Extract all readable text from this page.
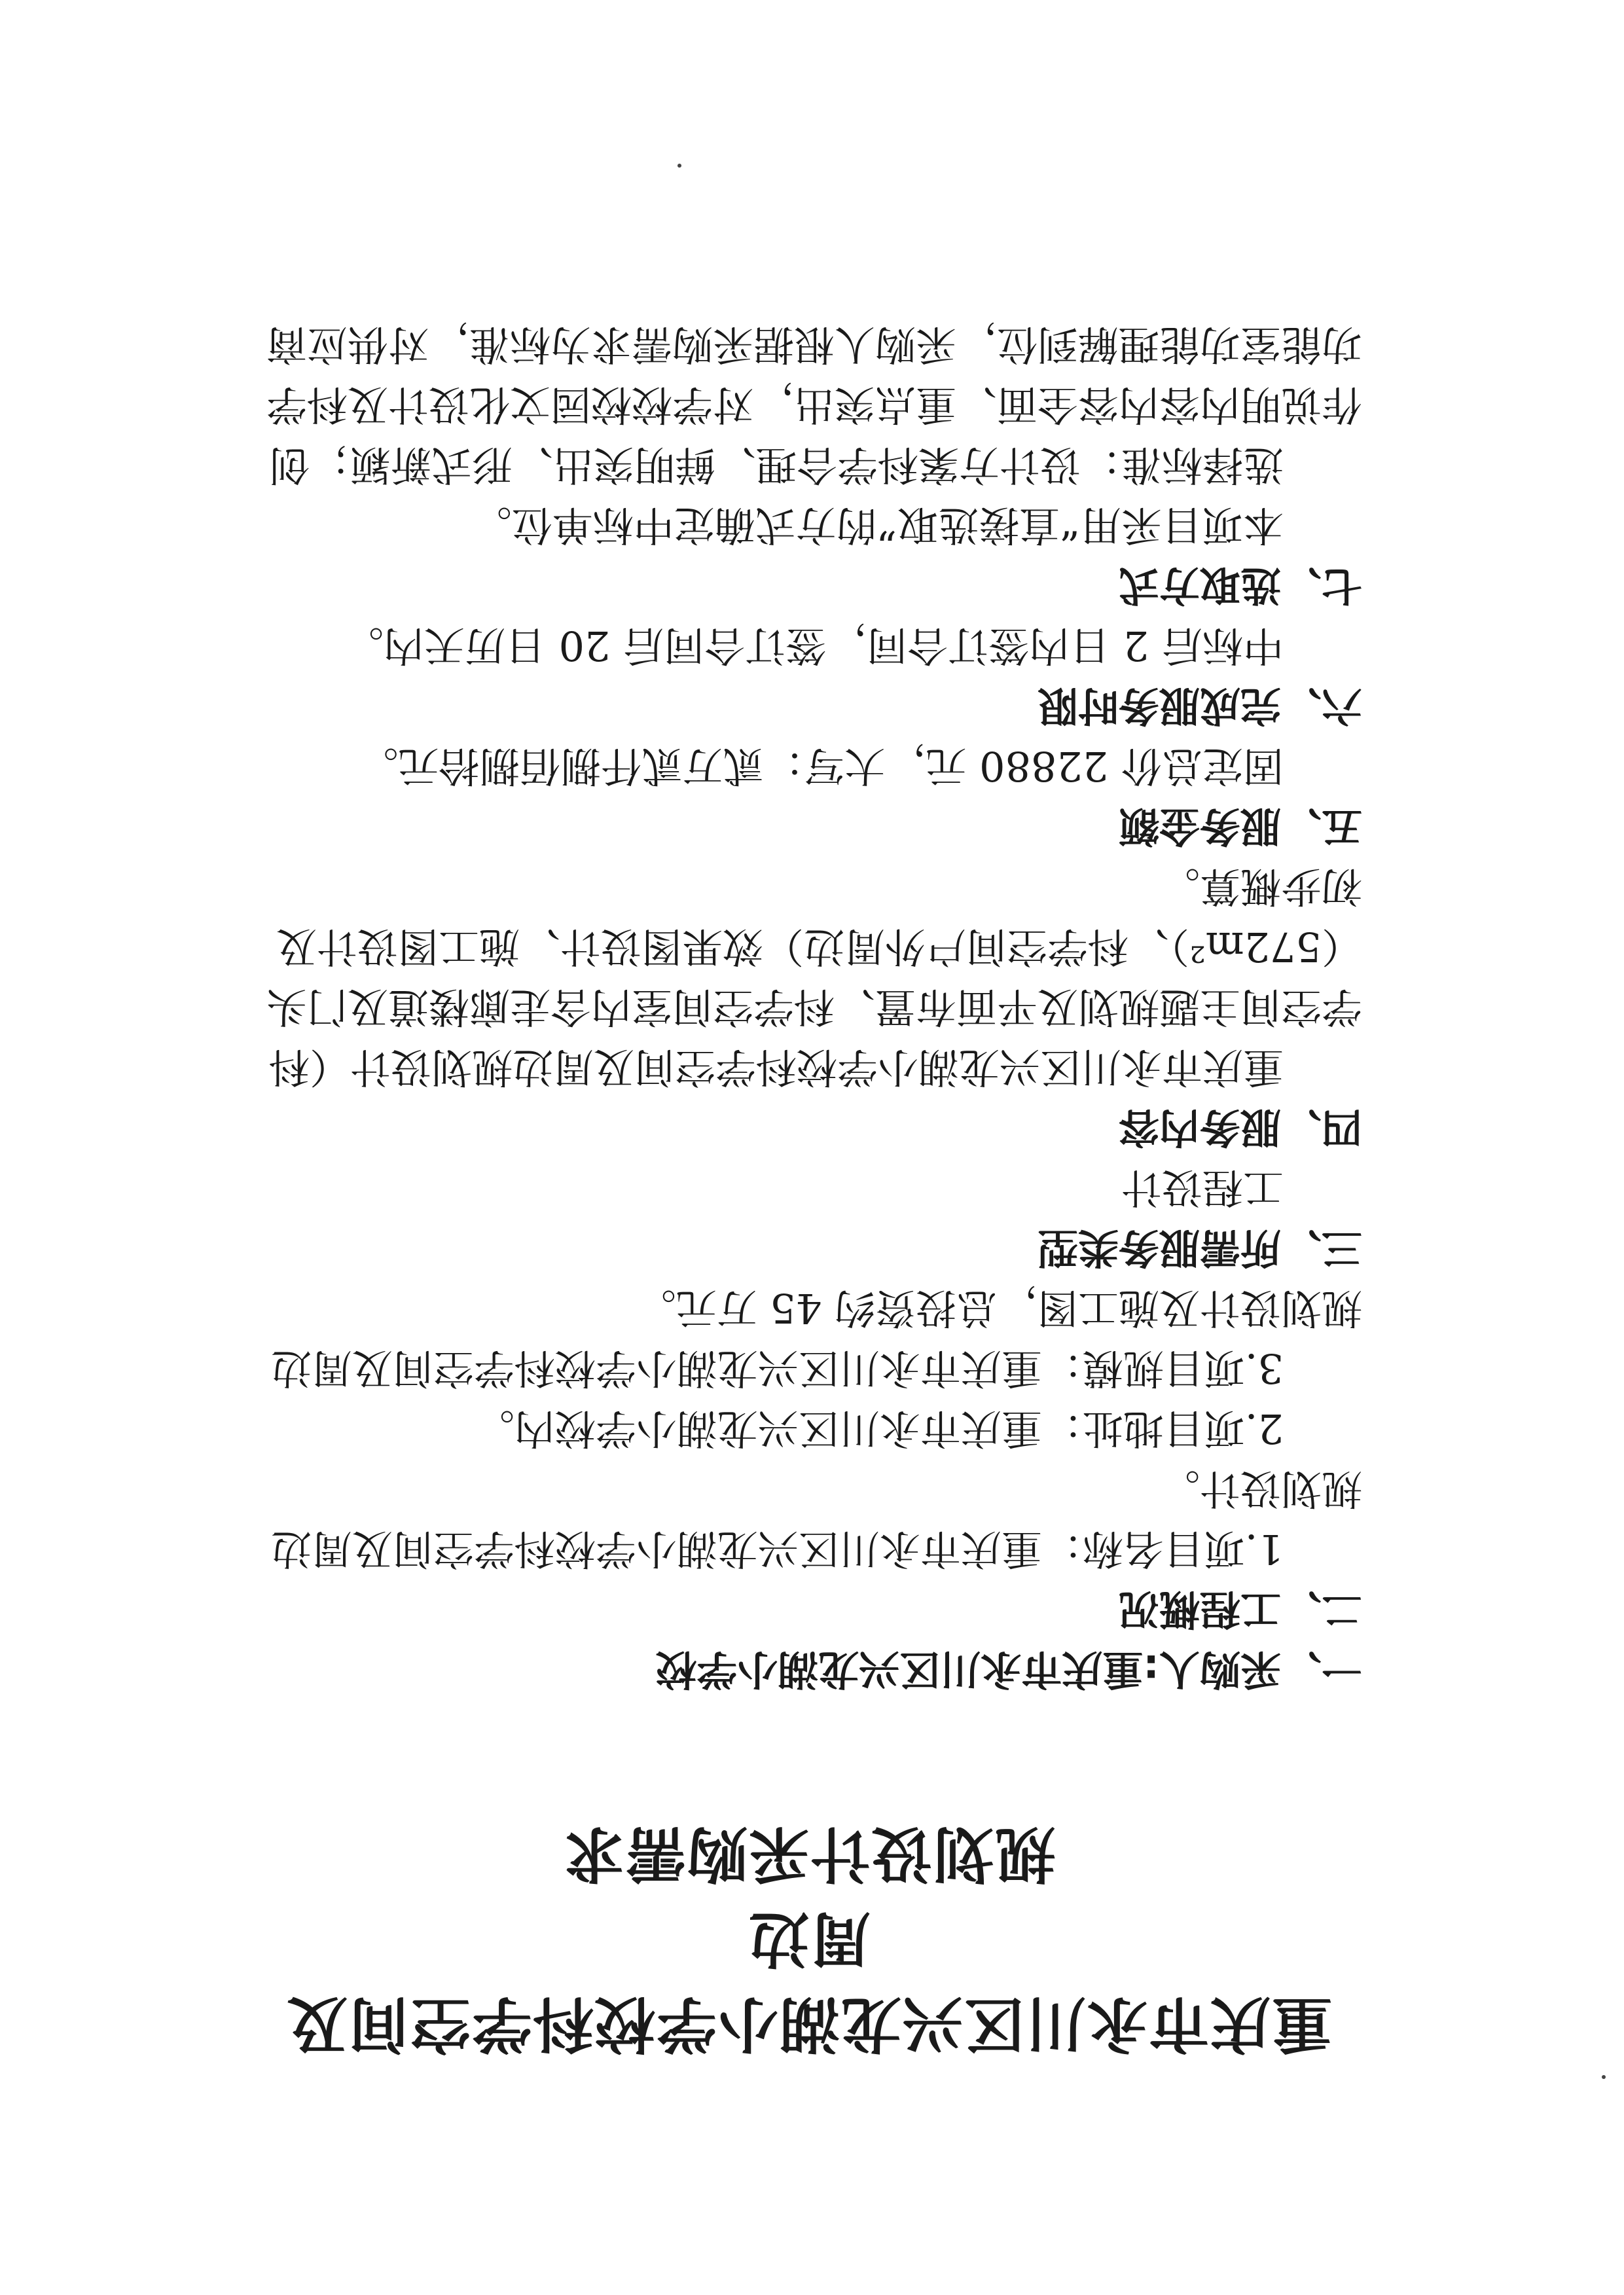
重庆市永川区兴龙湖小学校科学空间及周边
规划设计采购需求
一、采购人:重庆市永川区兴龙湖小学校
二、工程概况
1.项目名称：重庆市永川区兴龙湖小学校科学空间及周边
规划设计。
2.项目地址：重庆市永川区兴龙湖小学校内。
3.项目规模：重庆市永川区兴龙湖小学校科学空间及周边
规划设计及施工图，总投资约 45 万元。
三、所需服务类型
工程设计
四、服务内容
重庆市永川区兴龙湖小学校科学空间及周边规划设计（科
学空间主题规划及平面布置、科学空间室内含走廊楼道及门头
（572m²）、科学空间户外周边）效果图设计、施工图设计及
初步概算。
五、服务金额
固定总价 22880 元，大写：贰万贰仟捌佰捌拾元。
六、完成服务时限
中标后 2 日内签订合同，签订合同后 20 日历天内。
七、选取方式
本项目采用“直接选取”的方式确定中标单位。
选择标准：设计方案科学合理、鲜明突出、形式新颖；创
作说明内容内容全面、重点突出，对学校校园文化设计及科学
功能室功能理解到位，采购人根据采购需求为标准，对供应商
